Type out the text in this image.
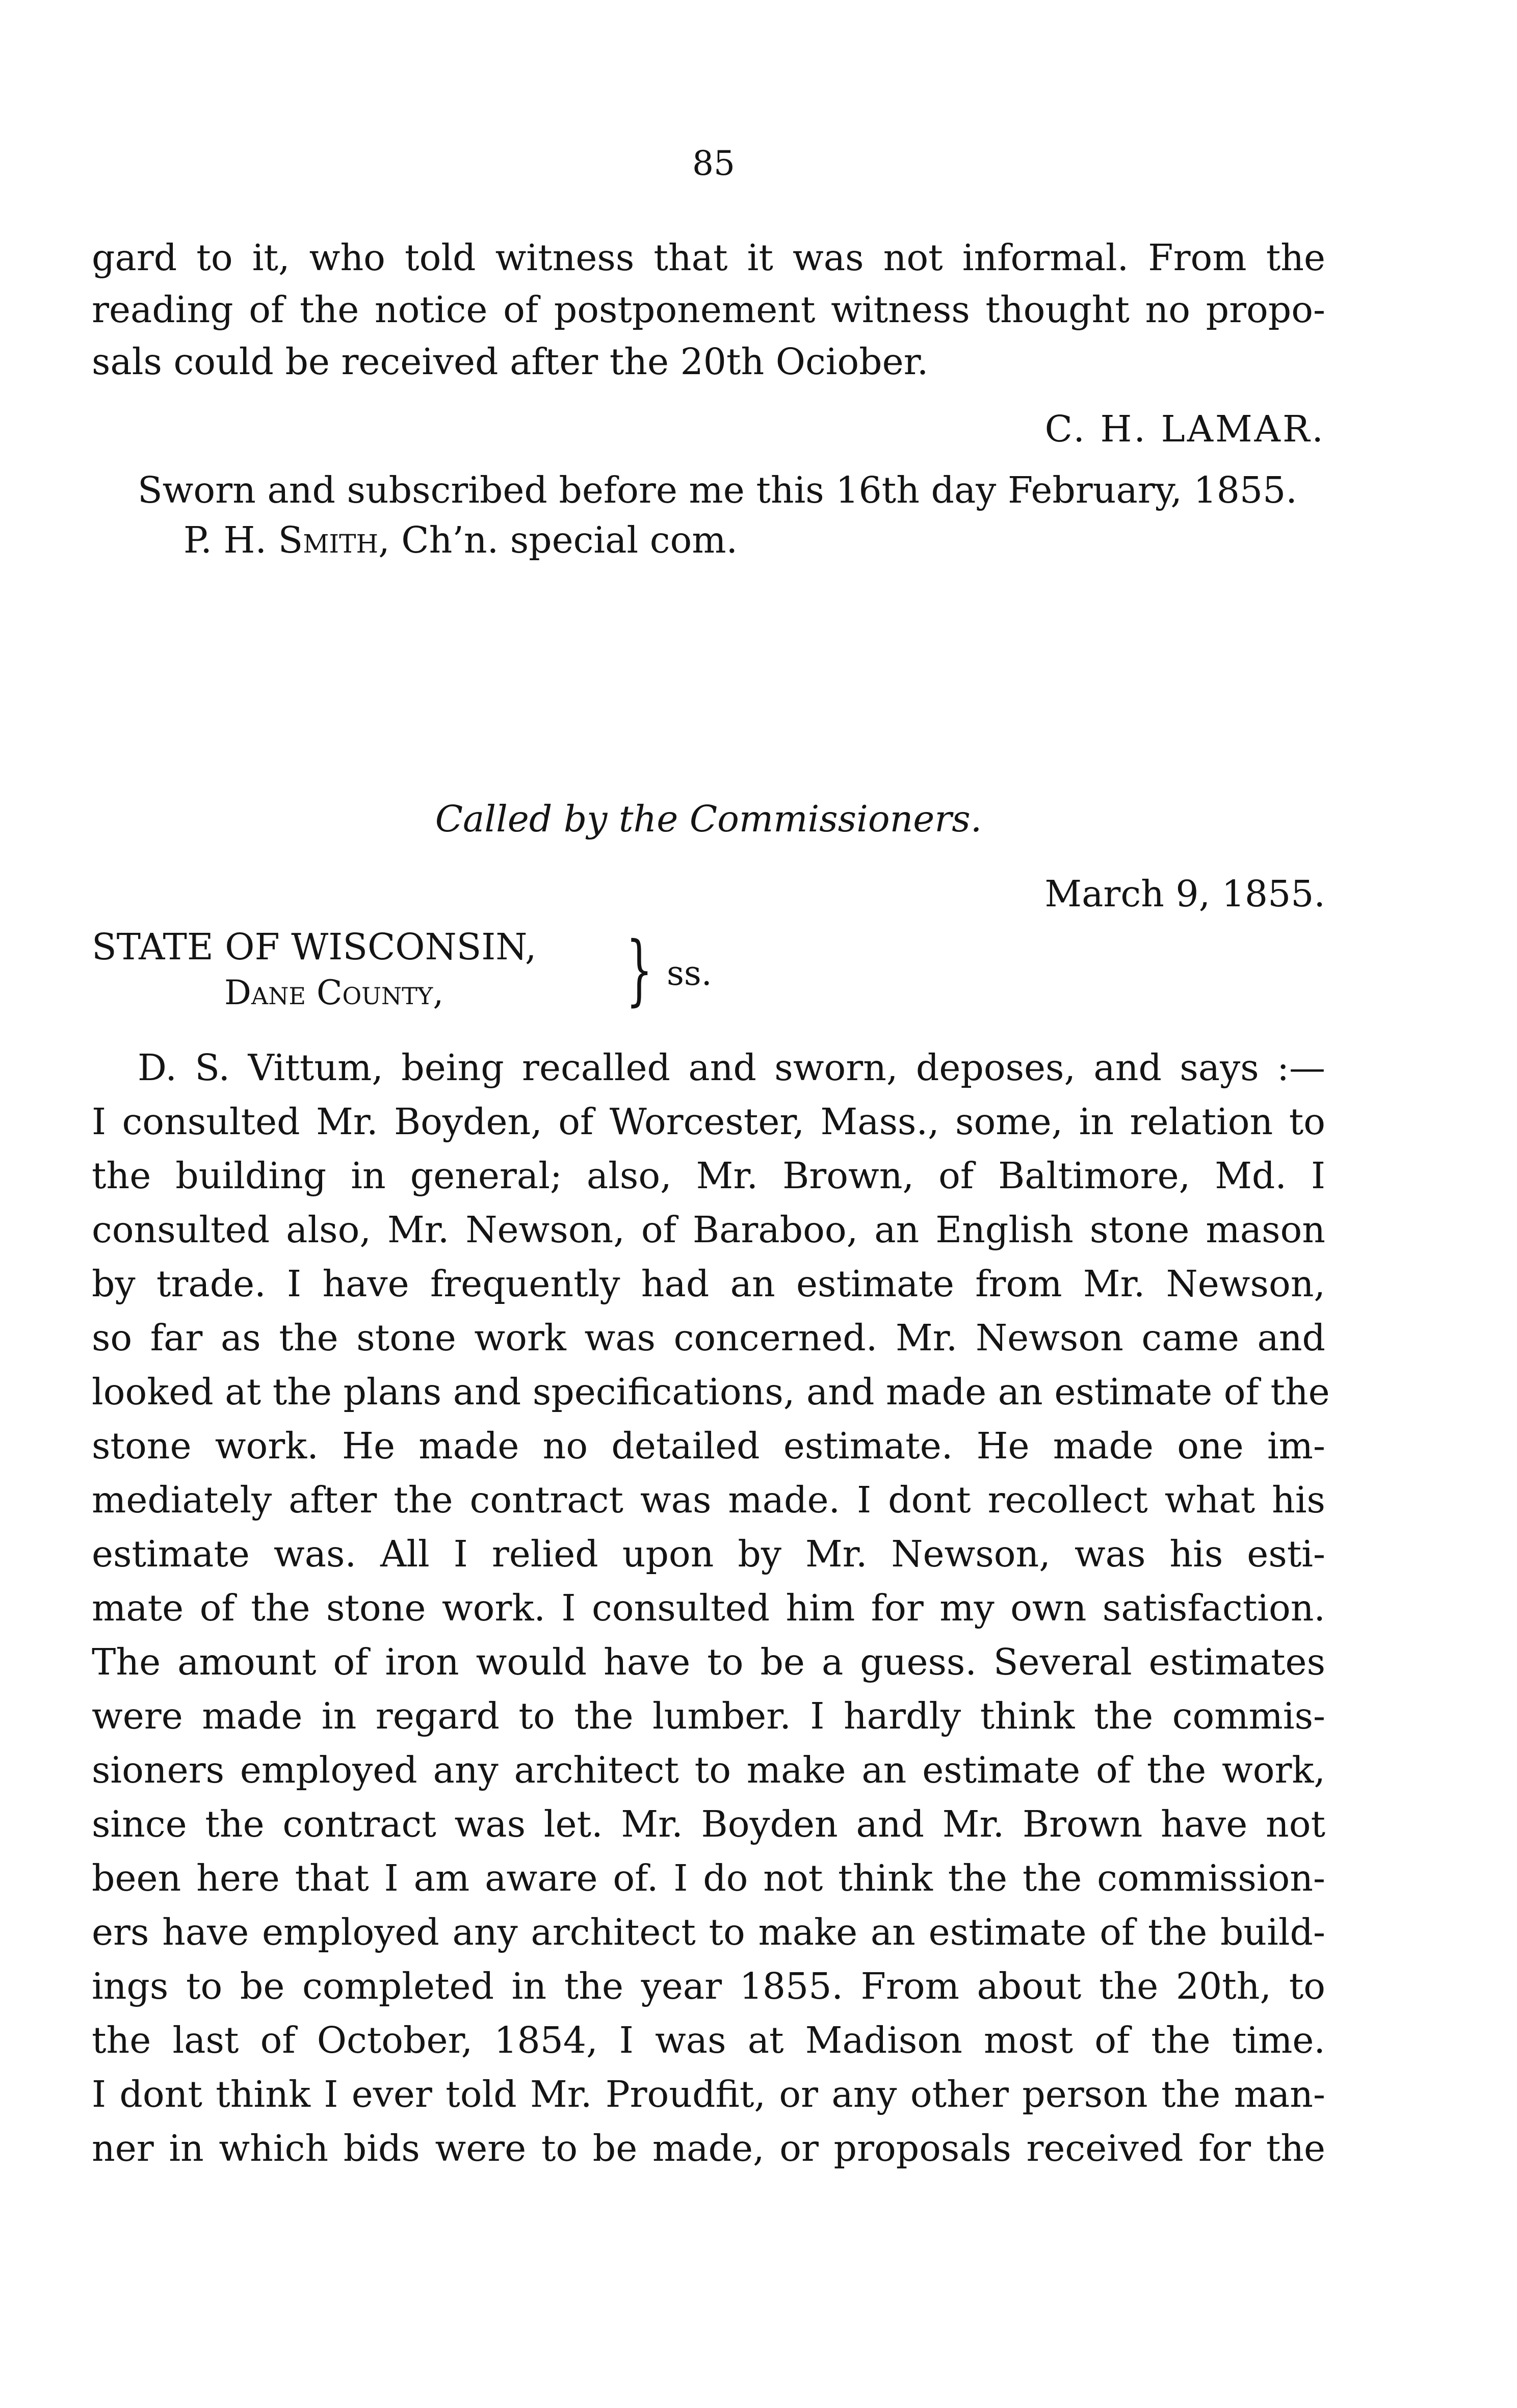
85
gard to it, who told witness that it was not informal. From the
reading of the notice of postponement witness thought no propo-
sals could be received after the 20th Ociober.
C. H. LAMAR.
Sworn and subscribed before me this 16th day February, 1855.
P. H. Smith, Ch’n. special com.
Called by the Commissioners.
March 9, 1855.
STATE OF WISCONSIN,
Dane County, } ss.
D. S. Vittum, being recalled and sworn, deposes, and says :—
I consulted Mr. Boyden, of Worcester, Mass., some, in relation to
the building in general; also, Mr. Brown, of Baltimore, Md. I
consulted also, Mr. Newson, of Baraboo, an English stone mason
by trade. I have frequently had an estimate from Mr. Newson,
so far as the stone work was concerned. Mr. Newson came and
looked at the plans and specifications, and made an estimate of the
stone work. He made no detailed estimate. He made one im-
mediately after the contract was made. I dont recollect what his
estimate was. All I relied upon by Mr. Newson, was his esti-
mate of the stone work. I consulted him for my own satisfaction.
The amount of iron would have to be a guess. Several estimates
were made in regard to the lumber. I hardly think the commis-
sioners employed any architect to make an estimate of the work,
since the contract was let. Mr. Boyden and Mr. Brown have not
been here that I am aware of. I do not think the the commission-
ers have employed any architect to make an estimate of the build-
ings to be completed in the year 1855. From about the 20th, to
the last of October, 1854, I was at Madison most of the time.
I dont think I ever told Mr. Proudfit, or any other person the man-
ner in which bids were to be made, or proposals received for the
